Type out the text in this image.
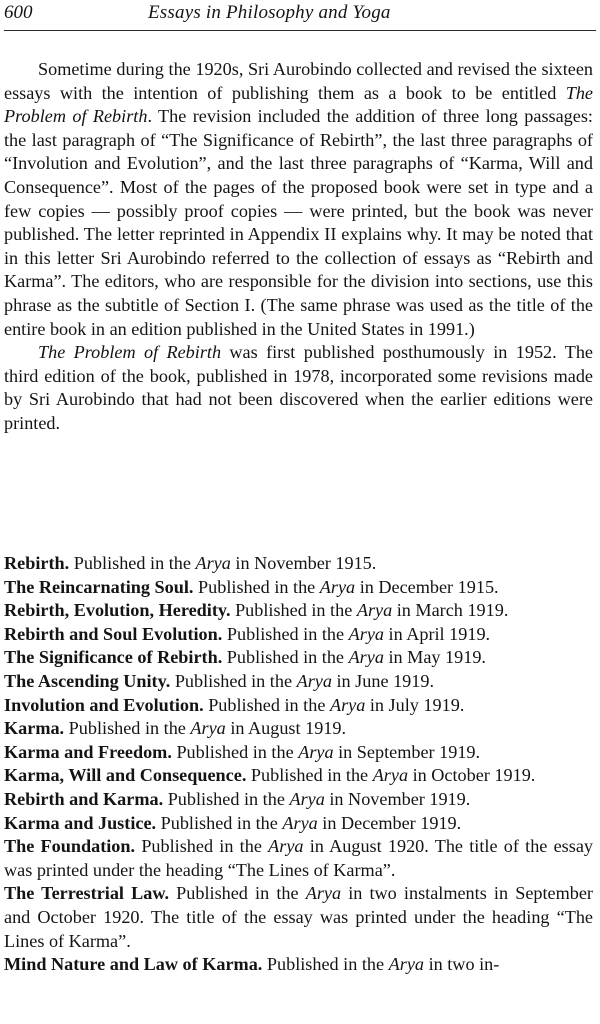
600	Essays in Philosophy and Yoga

Sometime during the 1920s, Sri Aurobindo collected and revised the sixteen essays with the intention of publishing them as a book to be entitled The Problem of Rebirth. The revision included the addition of three long passages: the last paragraph of “The Significance of Rebirth”, the last three paragraphs of “Involution and Evolution”, and the last three paragraphs of “Karma, Will and Consequence”. Most of the pages of the proposed book were set in type and a few copies — possibly proof copies — were printed, but the book was never published. The letter reprinted in Appendix II explains why. It may be noted that in this letter Sri Aurobindo referred to the collection of essays as “Rebirth and Karma”. The editors, who are responsible for the division into sections, use this phrase as the subtitle of Section I. (The same phrase was used as the title of the entire book in an edition published in the United States in 1991.)

The Problem of Rebirth was first published posthumously in 1952. The third edition of the book, published in 1978, incorporated some revisions made by Sri Aurobindo that had not been discovered when the earlier editions were printed.

Rebirth. Published in the Arya in November 1915.

The Reincarnating Soul. Published in the Arya in December 1915.

Rebirth, Evolution, Heredity. Published in the Arya in March 1919.

Rebirth and Soul Evolution. Published in the Arya in April 1919.

The Significance of Rebirth. Published in the Arya in May 1919.

The Ascending Unity. Published in the Arya in June 1919.

Involution and Evolution. Published in the Arya in July 1919.

Karma. Published in the Arya in August 1919.

Karma and Freedom. Published in the Arya in September 1919.

Karma, Will and Consequence. Published in the Arya in October 1919.

Rebirth and Karma. Published in the Arya in November 1919.

Karma and Justice. Published in the Arya in December 1919.

The Foundation. Published in the Arya in August 1920. The title of the essay was printed under the heading “The Lines of Karma”.

The Terrestrial Law. Published in the Arya in two instalments in September and October 1920. The title of the essay was printed under the heading “The Lines of Karma”.

Mind Nature and Law of Karma. Published in the Arya in two in-
